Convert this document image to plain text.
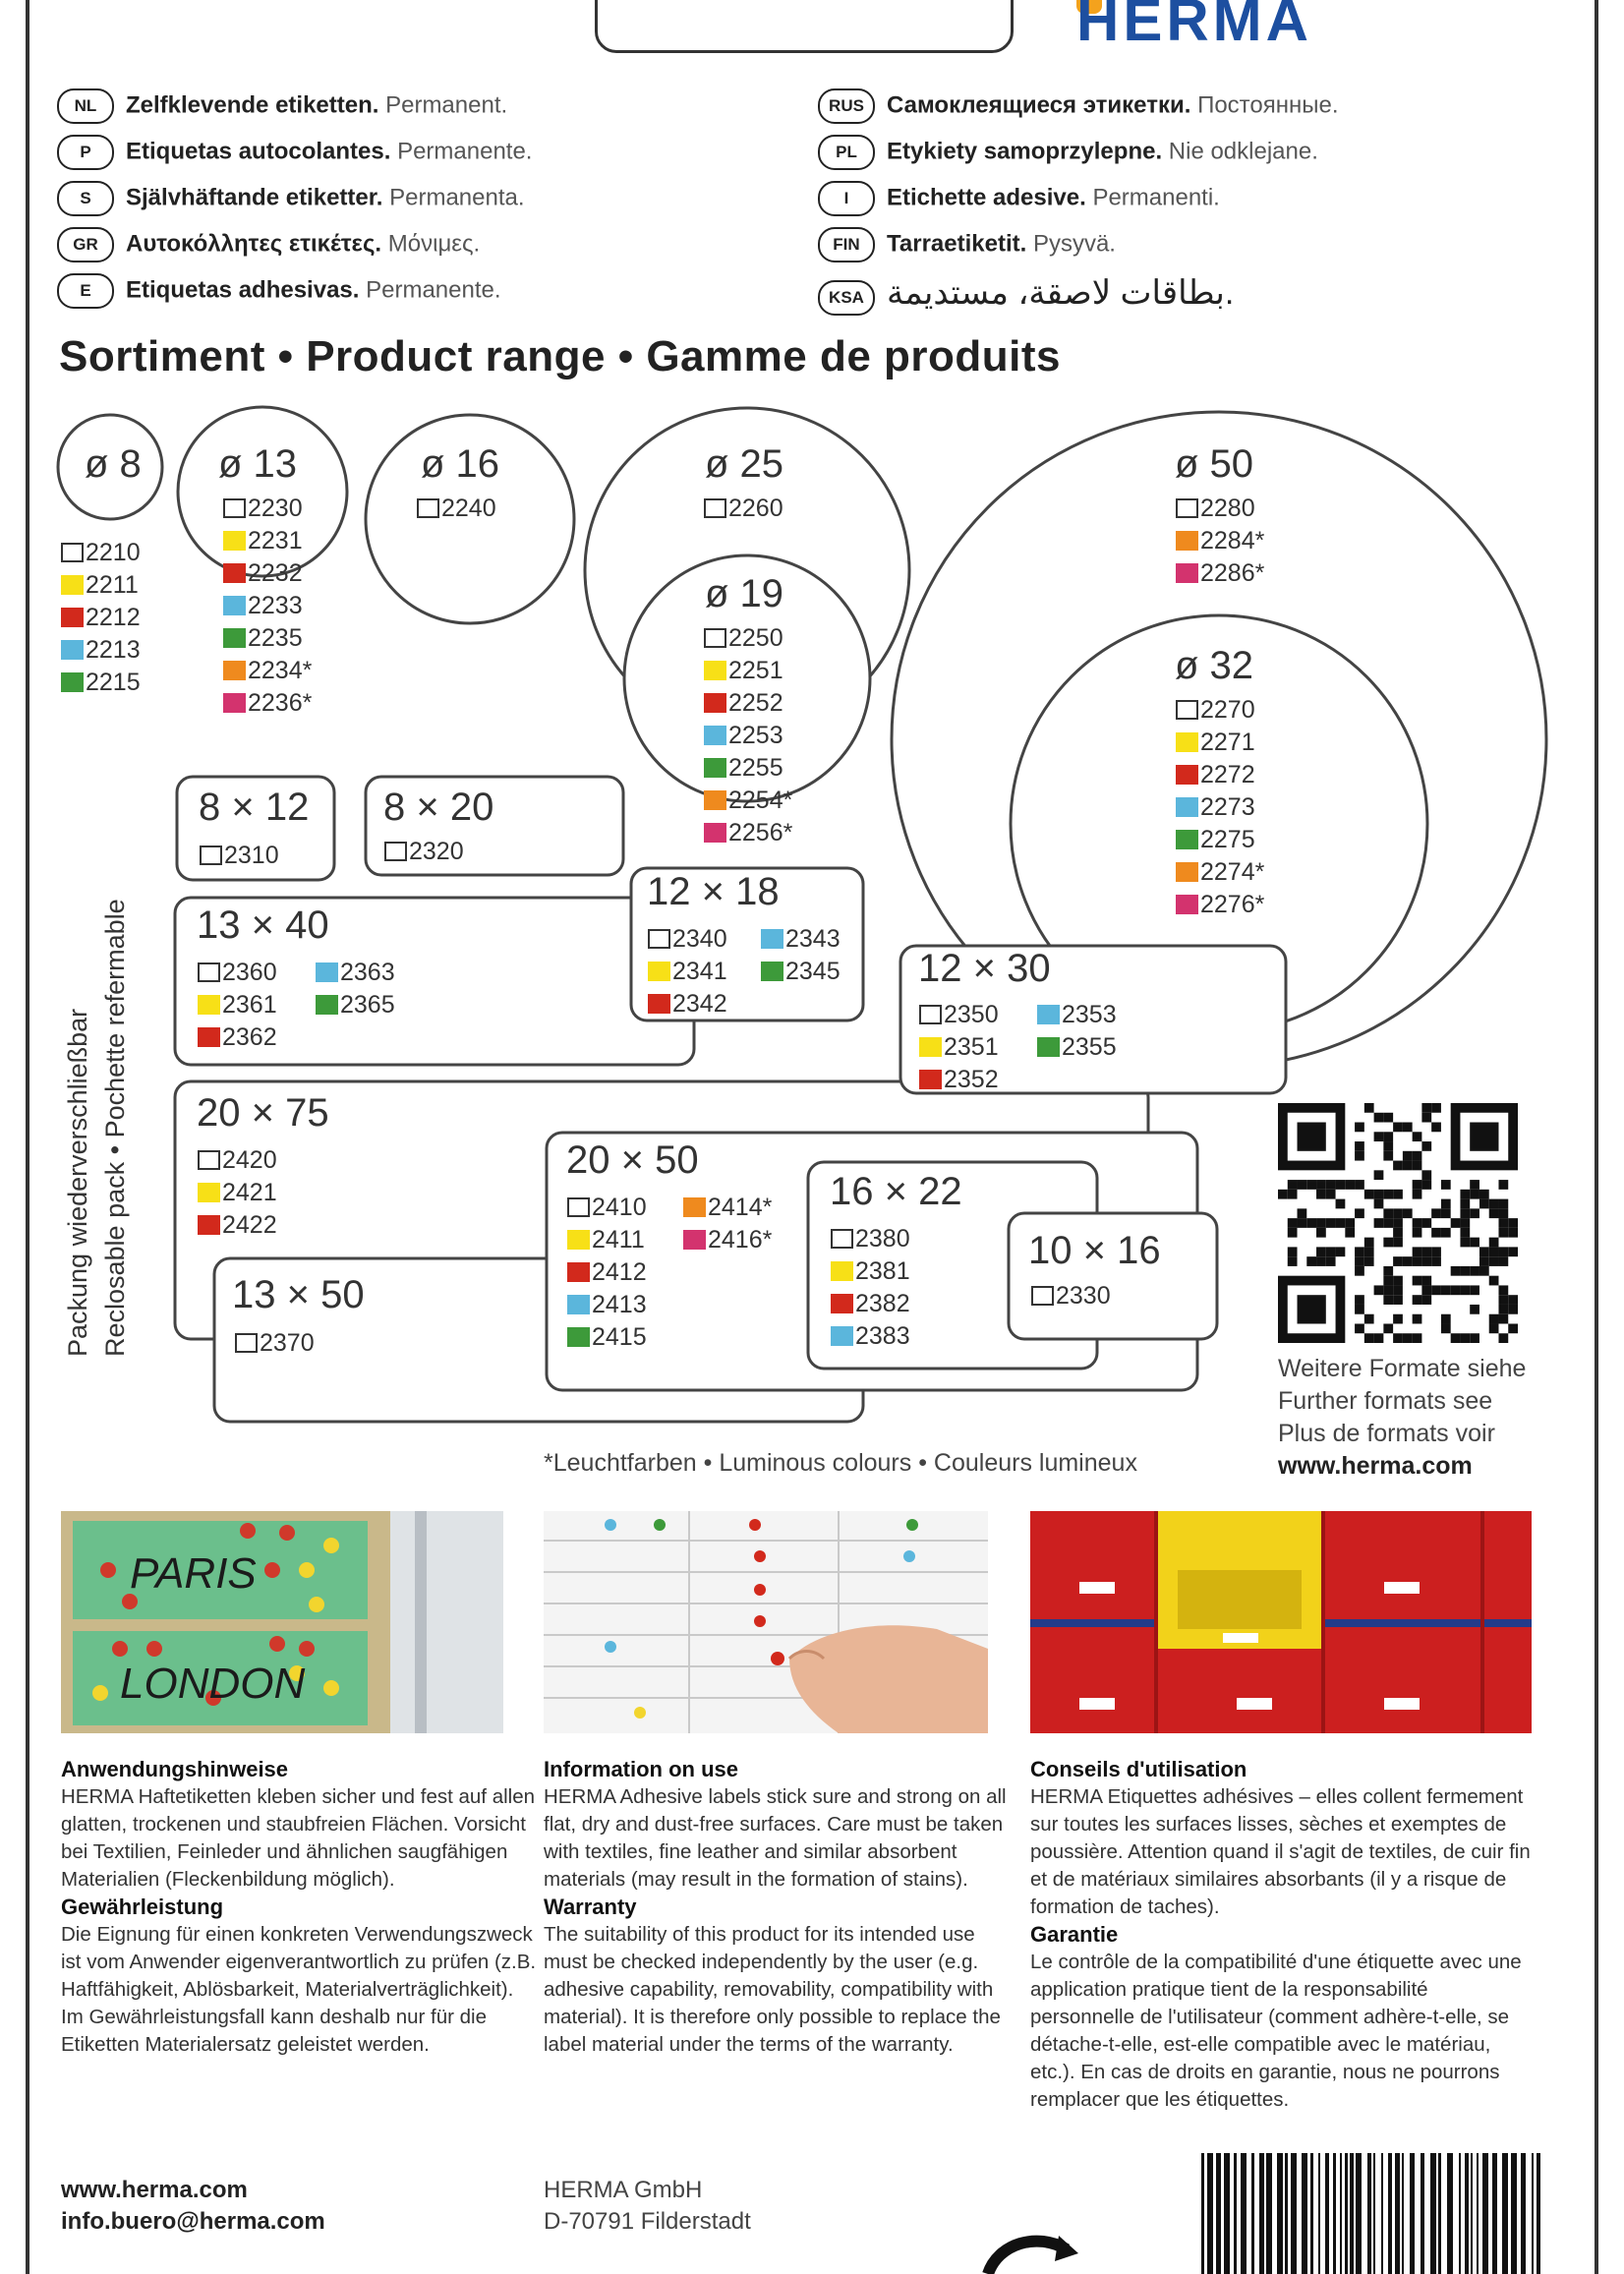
HERMA
NL Zelfklevende etiketten. Permanent.
P Etiquetas autocolantes. Permanente.
S Självhäftande etiketter. Permanenta.
GR Αυτοκόλλητες ετικέτες. Μόνιμες.
E Etiquetas adhesivas. Permanente.
RUS Самоклеящиеся этикетки. Постоянные.
PL Etykiety samoprzylepne. Nie odklejane.
I Etichette adesive. Permanenti.
FIN Tarraetiketit. Pysyvä.
KSA بطاقات لاصقة، مستديمة.
Sortiment • Product range • Gamme de produits
ø 8
2210
2211
2212
2213
2215
ø 13
2230
2231
2232
2233
2235
2234*
2236*
ø 16
2240
ø 25
2260
ø 19
2250
2251
2252
2253
2255
2254*
2256*
ø 50
2280
2284*
2286*
ø 32
2270
2271
2272
2273
2275
2274*
2276*
8 × 12
2310
8 × 20
2320
13 × 40
2360
2361
2362
2363
2365
12 × 18
2340
2341
2342
2343
2345 12 × 30
2350
2351
2352
2353
2355
20 × 75
2420
2421
2422
20 × 50
2410
2411
2412
2413
2415
2414*
2416*
16 × 22
2380
2381
2382
2383
10 × 16
2330
13 × 50
2370
Packung wiederverschließbar Reclosable pack • Pochette refermable
Weitere Formate siehe
Further formats see
Plus de formats voir
www.herma.com
*Leuchtfarben • Luminous colours • Couleurs lumineux
PARIS
LONDON
Anwendungshinweise

HERMA Haftetiketten kleben sicher und fest auf allen glatten, trockenen und staubfreien Flächen. Vorsicht bei Textilien, Feinleder und ähnlichen saugfähigen Materialien (Fleckenbildung möglich).

Gewährleistung

Die Eignung für einen konkreten Verwendungszweck ist vom Anwender eigenverantwortlich zu prüfen (z.B. Haftfähigkeit, Ablösbarkeit, Materialverträglichkeit). Im Gewährleistungsfall kann deshalb nur für die Etiketten Materialersatz geleistet werden.

Information on use

HERMA Adhesive labels stick sure and strong on all flat, dry and dust-free surfaces. Care must be taken with textiles, fine leather and similar absorbent materials (may result in the formation of stains).

Warranty

The suitability of this product for its intended use must be checked independently by the user (e.g. adhesive capability, removability, compatibility with material). It is therefore only possible to replace the label material under the terms of the warranty.

Conseils d'utilisation

HERMA Etiquettes adhésives – elles collent fermement sur toutes les surfaces lisses, sèches et exemptes de poussière. Attention quand il s'agit de textiles, de cuir fin et de matériaux similaires absorbants (il y a risque de formation de taches).

Garantie

Le contrôle de la compatibilité d'une étiquette avec une application pratique tient de la responsabilité personnelle de l'utilisateur (comment adhère-t-elle, se détache-t-elle, est-elle compatible avec le matériau, etc.). En cas de droits en garantie, nous ne pourrons remplacer que les étiquettes.

www.herma.com
info.buero@herma.com
HERMA GmbH
D-70791 Filderstadt
